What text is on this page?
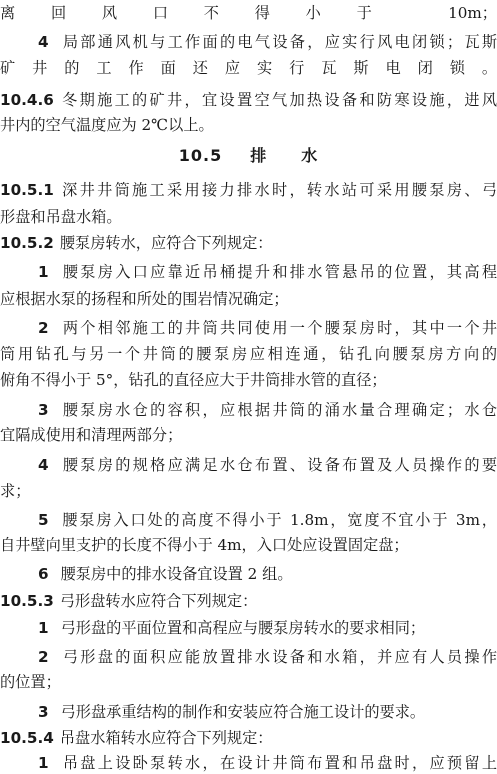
离回风口不得小于 10m；
4 局部通风机与工作面的电气设备，应实行风电闭锁；瓦斯
矿井的工作面还应实行瓦斯电闭锁。
10.4.6 冬期施工的矿井，宜设置空气加热设备和防寒设施，进风
井内的空气温度应为 2℃以上。
10.5 排　　水
10.5.1 深井井筒施工采用接力排水时，转水站可采用腰泵房、弓
形盘和吊盘水箱。
10.5.2 腰泵房转水，应符合下列规定：
1 腰泵房入口应靠近吊桶提升和排水管悬吊的位置，其高程
应根据水泵的扬程和所处的围岩情况确定；
2 两个相邻施工的井筒共同使用一个腰泵房时，其中一个井
筒用钻孔与另一个井筒的腰泵房应相连通，钻孔向腰泵房方向的
俯角不得小于 5°，钻孔的直径应大于井筒排水管的直径；
3 腰泵房水仓的容积，应根据井筒的涌水量合理确定；水仓
宜隔成使用和清理两部分；
4 腰泵房的规格应满足水仓布置、设备布置及人员操作的要
求；
5 腰泵房入口处的高度不得小于 1.8m，宽度不宜小于 3m，
自井壁向里支护的长度不得小于 4m，入口处应设置固定盘；
6 腰泵房中的排水设备宜设置 2 组。
10.5.3 弓形盘转水应符合下列规定：
1 弓形盘的平面位置和高程应与腰泵房转水的要求相同；
2 弓形盘的面积应能放置排水设备和水箱，并应有人员操作
的位置；
3 弓形盘承重结构的制作和安装应符合施工设计的要求。
10.5.4 吊盘水箱转水应符合下列规定：
1 吊盘上设卧泵转水，在设计井筒布置和吊盘时，应预留上
